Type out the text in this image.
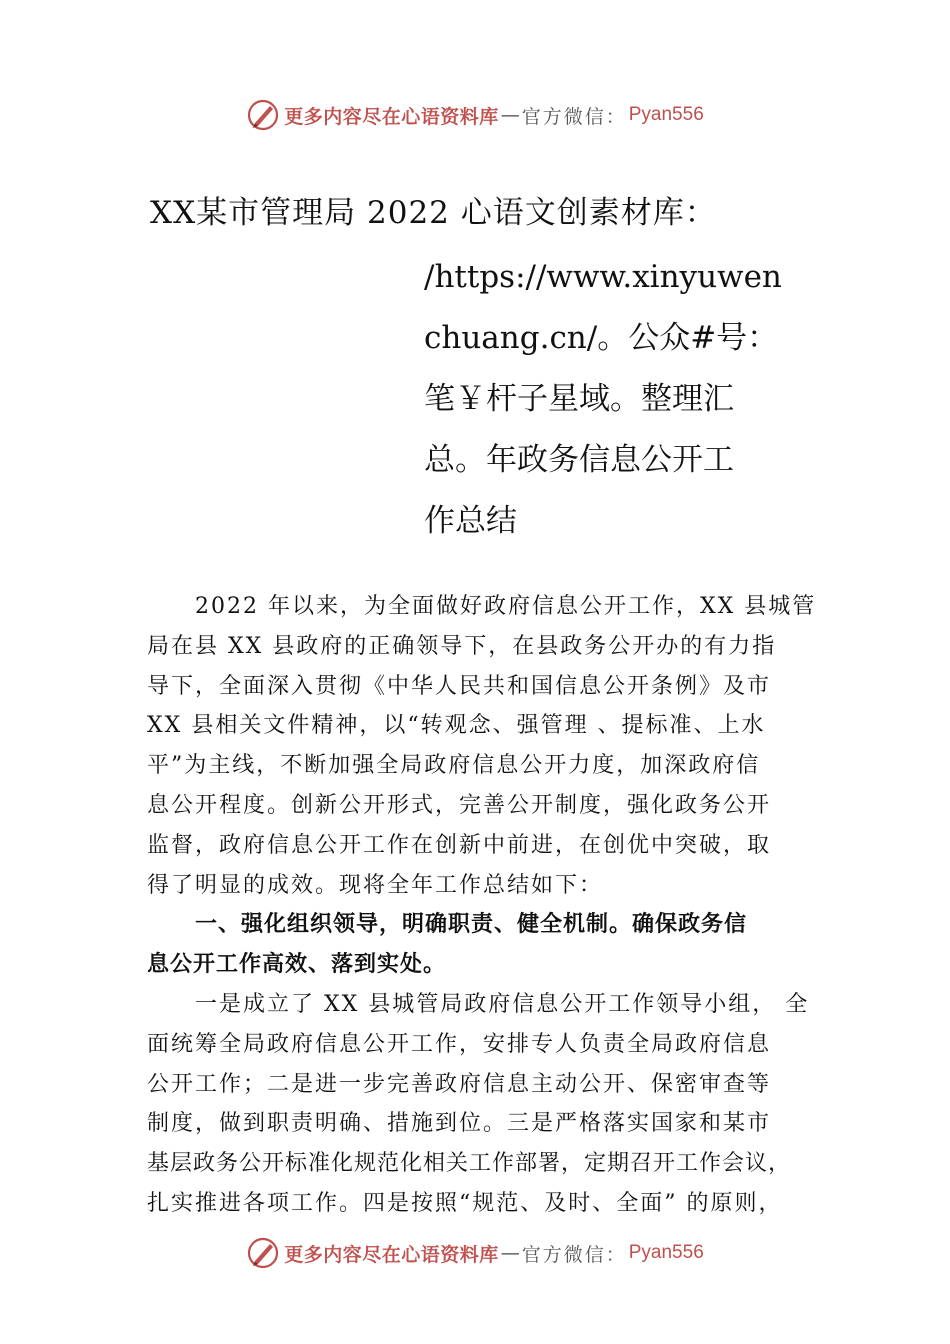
更多内容尽在心语资料库 — 官方微信： Pyan556
XX某市管理局 2022 心语文创素材库：
/https://www.xinyuwen
chuang.cn/。公众#号：
笔￥杆子星域。整理汇
总。年政务信息公开工
作总结

2022 年以来，为全面做好政府信息公开工作，XX 县城管
局在县 XX 县政府的正确领导下，在县政务公开办的有力指
导下，全面深入贯彻《中华人民共和国信息公开条例》及市
XX 县相关文件精神，以“转观念、强管理 、提标准、上水
平”为主线，不断加强全局政府信息公开力度，加深政府信
息公开程度。创新公开形式，完善公开制度，强化政务公开
监督，政府信息公开工作在创新中前进，在创优中突破，取
得了明显的成效。现将全年工作总结如下：

一、强化组织领导，明确职责、健全机制。确保政务信
息公开工作高效、落到实处。

一是成立了 XX 县城管局政府信息公开工作领导小组， 全
面统筹全局政府信息公开工作，安排专人负责全局政府信息
公开工作；二是进一步完善政府信息主动公开、保密审查等
制度，做到职责明确、措施到位。三是严格落实国家和某市
基层政务公开标准化规范化相关工作部署，定期召开工作会议，
扎实推进各项工作。四是按照“规范、及时、全面” 的原则，

更多内容尽在心语资料库 — 官方微信： Pyan556
